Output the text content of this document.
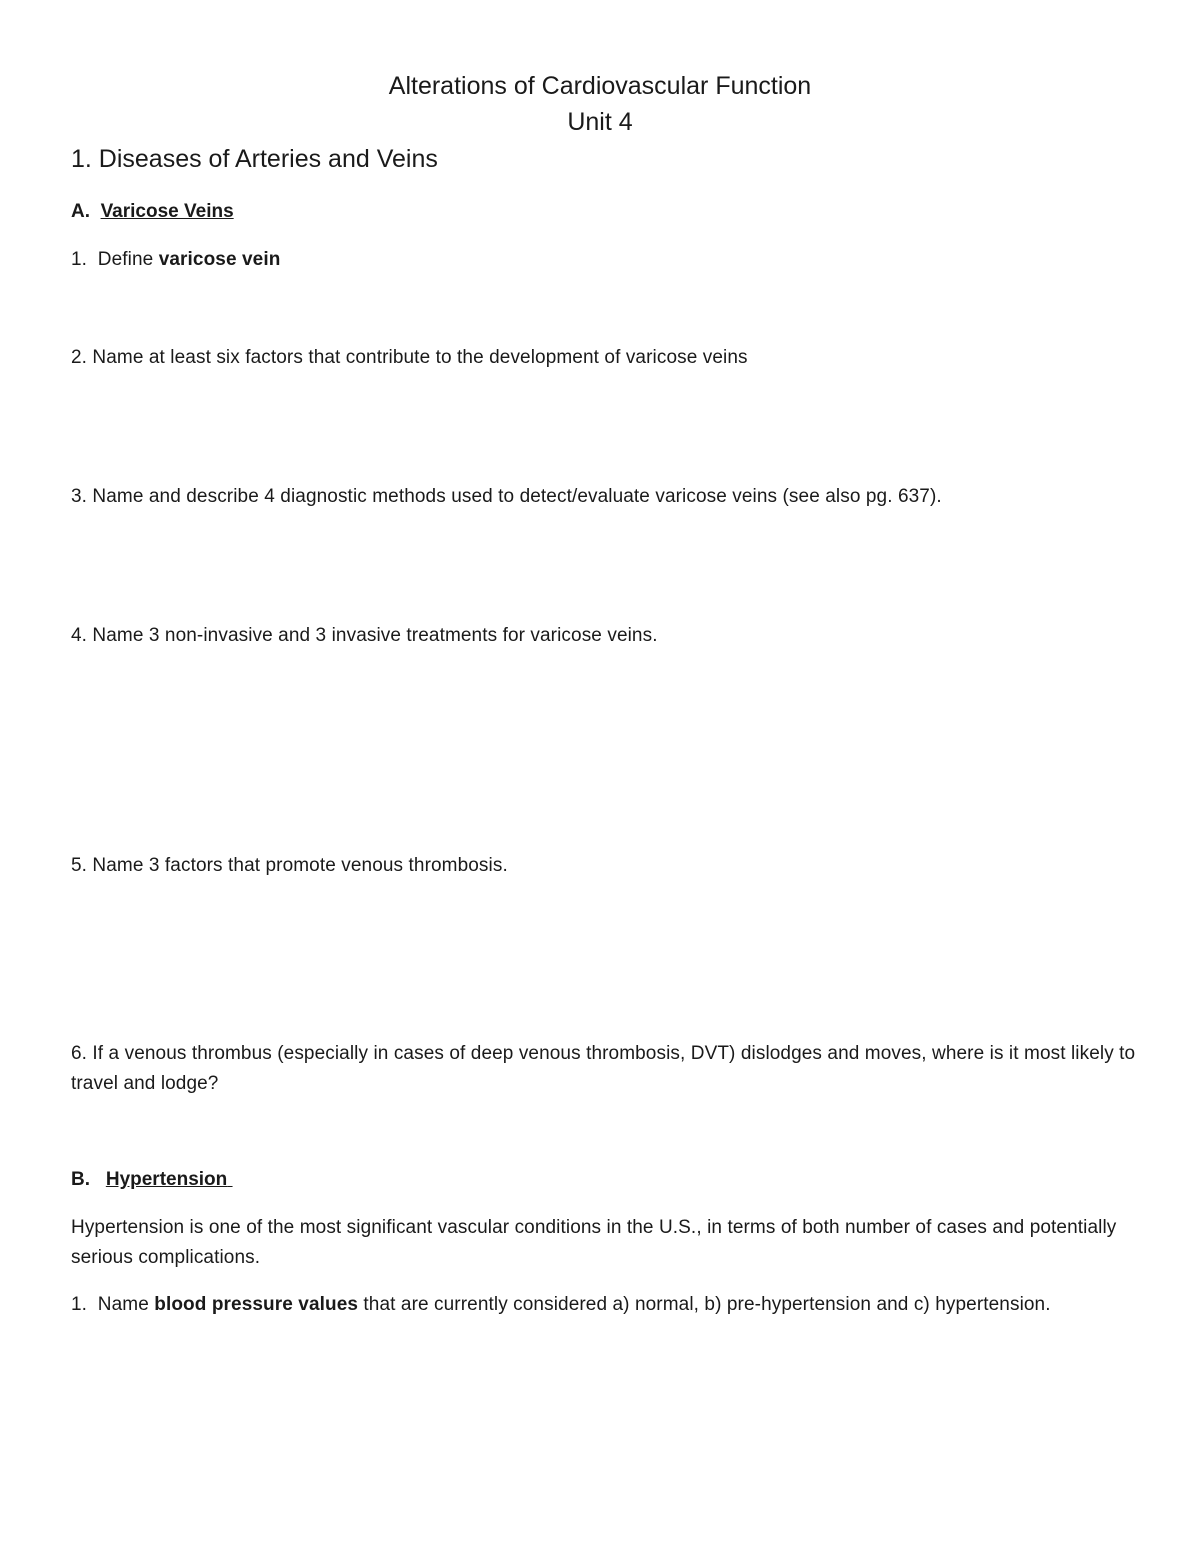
Alterations of Cardiovascular Function
Unit 4
1. Diseases of Arteries and Veins
A. Varicose Veins
1.  Define varicose vein
2. Name at least six factors that contribute to the development of varicose veins
3. Name and describe 4 diagnostic methods used to detect/evaluate varicose veins (see also pg. 637).
4. Name 3 non-invasive and 3 invasive treatments for varicose veins.
5. Name 3 factors that promote venous thrombosis.
6. If a venous thrombus (especially in cases of deep venous thrombosis, DVT) dislodges and moves, where is it most likely to travel and lodge?
B. Hypertension
Hypertension is one of the most significant vascular conditions in the U.S., in terms of both number of cases and potentially serious complications.
1.  Name blood pressure values that are currently considered a) normal, b) pre-hypertension and c) hypertension.
